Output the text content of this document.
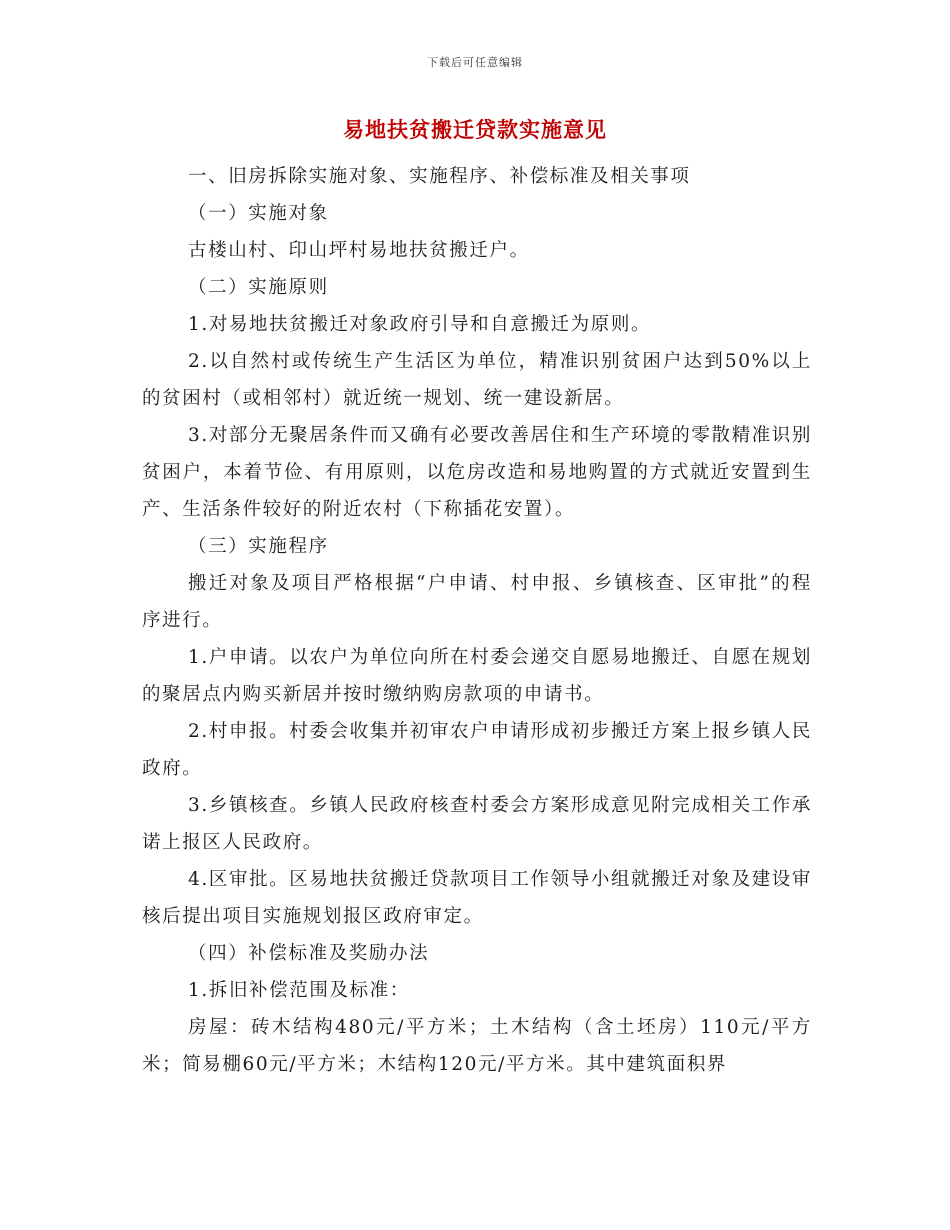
下载后可任意编辑
易地扶贫搬迁贷款实施意见

一、旧房拆除实施对象、实施程序、补偿标准及相关事项

（一）实施对象

古楼山村、印山坪村易地扶贫搬迁户。

（二）实施原则

1.对易地扶贫搬迁对象政府引导和自意搬迁为原则。

2.以自然村或传统生产生活区为单位，精准识别贫困户达到50%以上的贫困村（或相邻村）就近统一规划、统一建设新居。

3.对部分无聚居条件而又确有必要改善居住和生产环境的零散精准识别贫困户，本着节俭、有用原则，以危房改造和易地购置的方式就近安置到生产、生活条件较好的附近农村（下称插花安置）。

（三）实施程序

搬迁对象及项目严格根据“户申请、村申报、乡镇核查、区审批”的程序进行。

1.户申请。以农户为单位向所在村委会递交自愿易地搬迁、自愿在规划的聚居点内购买新居并按时缴纳购房款项的申请书。

2.村申报。村委会收集并初审农户申请形成初步搬迁方案上报乡镇人民政府。

3.乡镇核查。乡镇人民政府核查村委会方案形成意见附完成相关工作承诺上报区人民政府。

4.区审批。区易地扶贫搬迁贷款项目工作领导小组就搬迁对象及建设审核后提出项目实施规划报区政府审定。

（四）补偿标准及奖励办法

1.拆旧补偿范围及标准：

房屋：砖木结构480元/平方米；土木结构（含土坯房）110元/平方米；简易棚60元/平方米；木结构120元/平方米。其中建筑面积界
